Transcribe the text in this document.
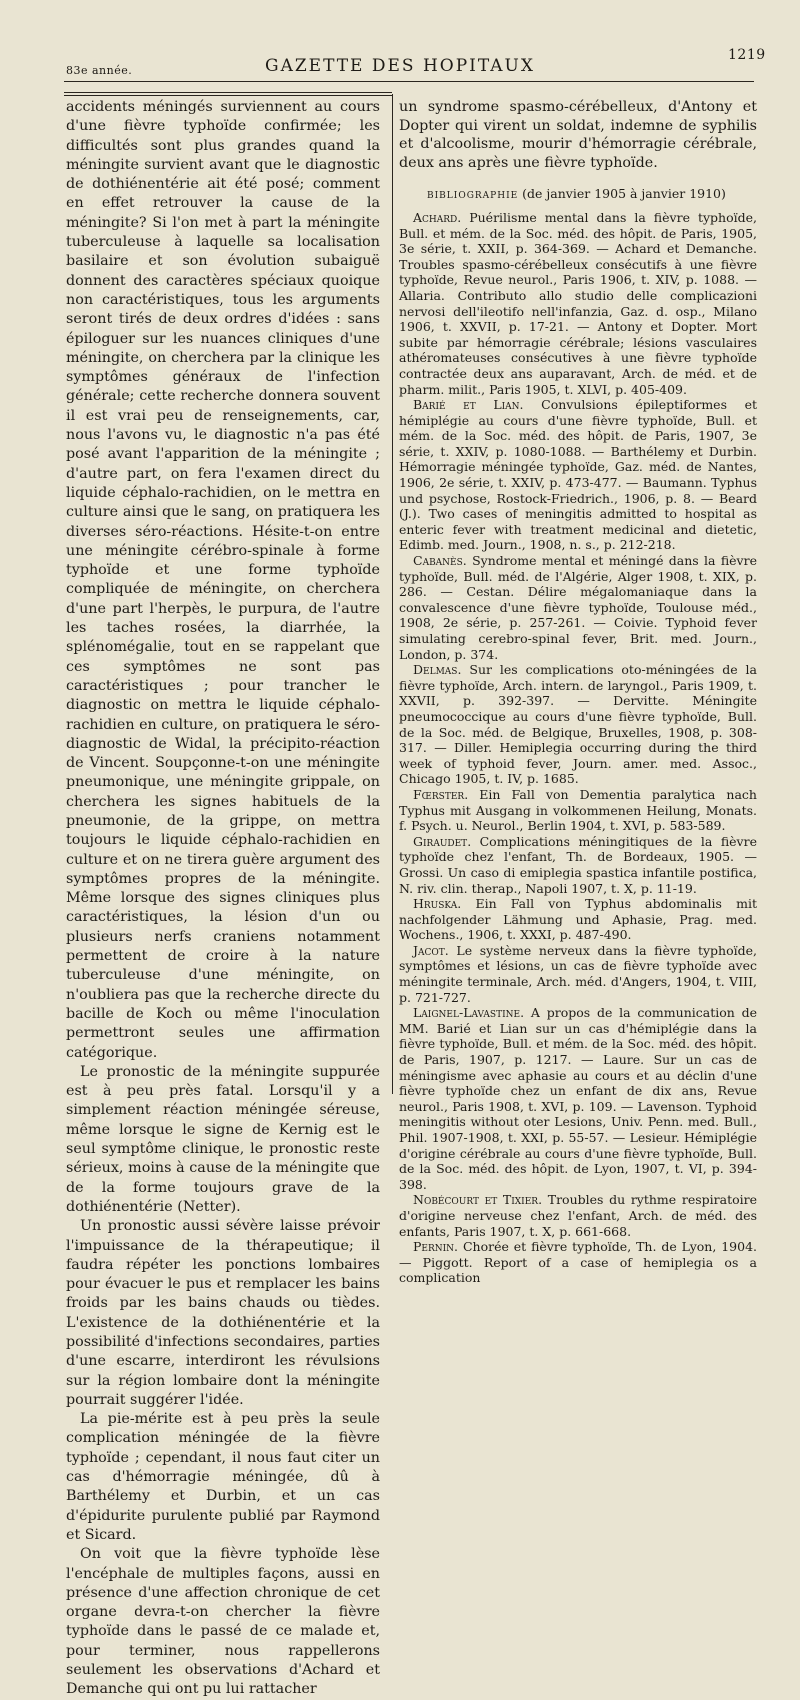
83e année.	GAZETTE DES HOPITAUX
1219

accidents méningés surviennent au cours d'une fièvre typhoïde confirmée; les difficultés sont plus grandes quand la méningite survient avant que le diagnostic de dothiénentérie ait été posé; comment en effet retrouver la cause de la méningite? Si l'on met à part la méningite tuberculeuse à laquelle sa localisation basilaire et son évolution subaiguë donnent des caractères spéciaux quoique non caractéristiques, tous les arguments seront tirés de deux ordres d'idées : sans épiloguer sur les nuances cliniques d'une méningite, on cherchera par la clinique les symptômes généraux de l'infection générale; cette recherche donnera souvent il est vrai peu de renseignements, car, nous l'avons vu, le diagnostic n'a pas été posé avant l'apparition de la méningite ; d'autre part, on fera l'examen direct du liquide céphalo-rachidien, on le mettra en culture ainsi que le sang, on pratiquera les diverses séro-réactions. Hésite-t-on entre une méningite cérébro-spinale à forme typhoïde et une forme typhoïde compliquée de méningite, on cherchera d'une part l'herpès, le purpura, de l'autre les taches rosées, la diarrhée, la splénomégalie, tout en se rappelant que ces symptômes ne sont pas caractéristiques ; pour trancher le diagnostic on mettra le liquide céphalo-rachidien en culture, on pratiquera le séro-diagnostic de Widal, la précipito-réaction de Vincent. Soupçonne-t-on une méningite pneumonique, une méningite grippale, on cherchera les signes habituels de la pneumonie, de la grippe, on mettra toujours le liquide céphalo-rachidien en culture et on ne tirera guère argument des symptômes propres de la méningite. Même lorsque des signes cliniques plus caractéristiques, la lésion d'un ou plusieurs nerfs craniens notamment permettent de croire à la nature tuberculeuse d'une méningite, on n'oubliera pas que la recherche directe du bacille de Koch ou même l'inoculation permettront seules une affirmation catégorique.

Le pronostic de la méningite suppurée est à peu près fatal. Lorsqu'il y a simplement réaction méningée séreuse, même lorsque le signe de Kernig est le seul symptôme clinique, le pronostic reste sérieux, moins à cause de la méningite que de la forme toujours grave de la dothiénentérie (Netter).

Un pronostic aussi sévère laisse prévoir l'impuissance de la thérapeutique; il faudra répéter les ponctions lombaires pour évacuer le pus et remplacer les bains froids par les bains chauds ou tièdes. L'existence de la dothiénentérie et la possibilité d'infections secondaires, parties d'une escarre, interdiront les révulsions sur la région lombaire dont la méningite pourrait suggérer l'idée.

La pie-mérite est à peu près la seule complication méningée de la fièvre typhoïde ; cependant, il nous faut citer un cas d'hémorragie méningée, dû à Barthélemy et Durbin, et un cas d'épidurite purulente publié par Raymond et Sicard.

On voit que la fièvre typhoïde lèse l'encéphale de multiples façons, aussi en présence d'une affection chronique de cet organe devra-t-on chercher la fièvre typhoïde dans le passé de ce malade et, pour terminer, nous rappellerons seulement les observations d'Achard et Demanche qui ont pu lui rattacher

un syndrome spasmo-cérébelleux, d'Antony et Dopter qui virent un soldat, indemne de syphilis et d'alcoolisme, mourir d'hémorragie cérébrale, deux ans après une fièvre typhoïde.

bibliographie (de janvier 1905 à janvier 1910)

Achard. Puérilisme mental dans la fièvre typhoïde, Bull. et mém. de la Soc. méd. des hôpit. de Paris, 1905, 3e série, t. XXII, p. 364-369. — Achard et Demanche. Troubles spasmo-cérébelleux consécutifs à une fièvre typhoïde, Revue neurol., Paris 1906, t. XIV, p. 1088. — Allaria. Contributo allo studio delle complicazioni nervosi dell'ileotifo nell'infanzia, Gaz. d. osp., Milano 1906, t. XXVII, p. 17-21. — Antony et Dopter. Mort subite par hémorragie cérébrale; lésions vasculaires athéromateuses consécutives à une fièvre typhoïde contractée deux ans auparavant, Arch. de méd. et de pharm. milit., Paris 1905, t. XLVI, p. 405-409.

Barié et Lian. Convulsions épileptiformes et hémiplégie au cours d'une fièvre typhoïde, Bull. et mém. de la Soc. méd. des hôpit. de Paris, 1907, 3e série, t. XXIV, p. 1080-1088. — Barthélemy et Durbin. Hémorragie méningée typhoïde, Gaz. méd. de Nantes, 1906, 2e série, t. XXIV, p. 473-477. — Baumann. Typhus und psychose, Rostock-Friedrich., 1906, p. 8. — Beard (J.). Two cases of meningitis admitted to hospital as enteric fever with treatment medicinal and dietetic, Edimb. med. Journ., 1908, n. s., p. 212-218.

Cabanès. Syndrome mental et méningé dans la fièvre typhoïde, Bull. méd. de l'Algérie, Alger 1908, t. XIX, p. 286. — Cestan. Délire mégalomaniaque dans la convalescence d'une fièvre typhoïde, Toulouse méd., 1908, 2e série, p. 257-261. — Coivie. Typhoid fever simulating cerebro-spinal fever, Brit. med. Journ., London, p. 374.

Delmas. Sur les complications oto-méningées de la fièvre typhoïde, Arch. intern. de laryngol., Paris 1909, t. XXVII, p. 392-397. — Dervitte. Méningite pneumococcique au cours d'une fièvre typhoïde, Bull. de la Soc. méd. de Belgique, Bruxelles, 1908, p. 308-317. — Diller. Hemiplegia occurring during the third week of typhoid fever, Journ. amer. med. Assoc., Chicago 1905, t. IV, p. 1685.

Fœrster. Ein Fall von Dementia paralytica nach Typhus mit Ausgang in volkommenen Heilung, Monats. f. Psych. u. Neurol., Berlin 1904, t. XVI, p. 583-589.

Giraudet. Complications méningitiques de la fièvre typhoïde chez l'enfant, Th. de Bordeaux, 1905. — Grossi. Un caso di emiplegia spastica infantile postifica, N. riv. clin. therap., Napoli 1907, t. X, p. 11-19.

Hruska. Ein Fall von Typhus abdominalis mit nachfolgender Lähmung und Aphasie, Prag. med. Wochens., 1906, t. XXXI, p. 487-490.

Jacot. Le système nerveux dans la fièvre typhoïde, symptômes et lésions, un cas de fièvre typhoïde avec méningite terminale, Arch. méd. d'Angers, 1904, t. VIII, p. 721-727.

Laignel-Lavastine. A propos de la communication de MM. Barié et Lian sur un cas d'hémiplégie dans la fièvre typhoïde, Bull. et mém. de la Soc. méd. des hôpit. de Paris, 1907, p. 1217. — Laure. Sur un cas de méningisme avec aphasie au cours et au déclin d'une fièvre typhoïde chez un enfant de dix ans, Revue neurol., Paris 1908, t. XVI, p. 109. — Lavenson. Typhoid meningitis without oter Lesions, Univ. Penn. med. Bull., Phil. 1907-1908, t. XXI, p. 55-57. — Lesieur. Hémiplégie d'origine cérébrale au cours d'une fièvre typhoïde, Bull. de la Soc. méd. des hôpit. de Lyon, 1907, t. VI, p. 394-398.

Nobécourt et Tixier. Troubles du rythme respiratoire d'origine nerveuse chez l'enfant, Arch. de méd. des enfants, Paris 1907, t. X, p. 661-668.

Pernin. Chorée et fièvre typhoïde, Th. de Lyon, 1904. — Piggott. Report of a case of hemiplegia os a complication
